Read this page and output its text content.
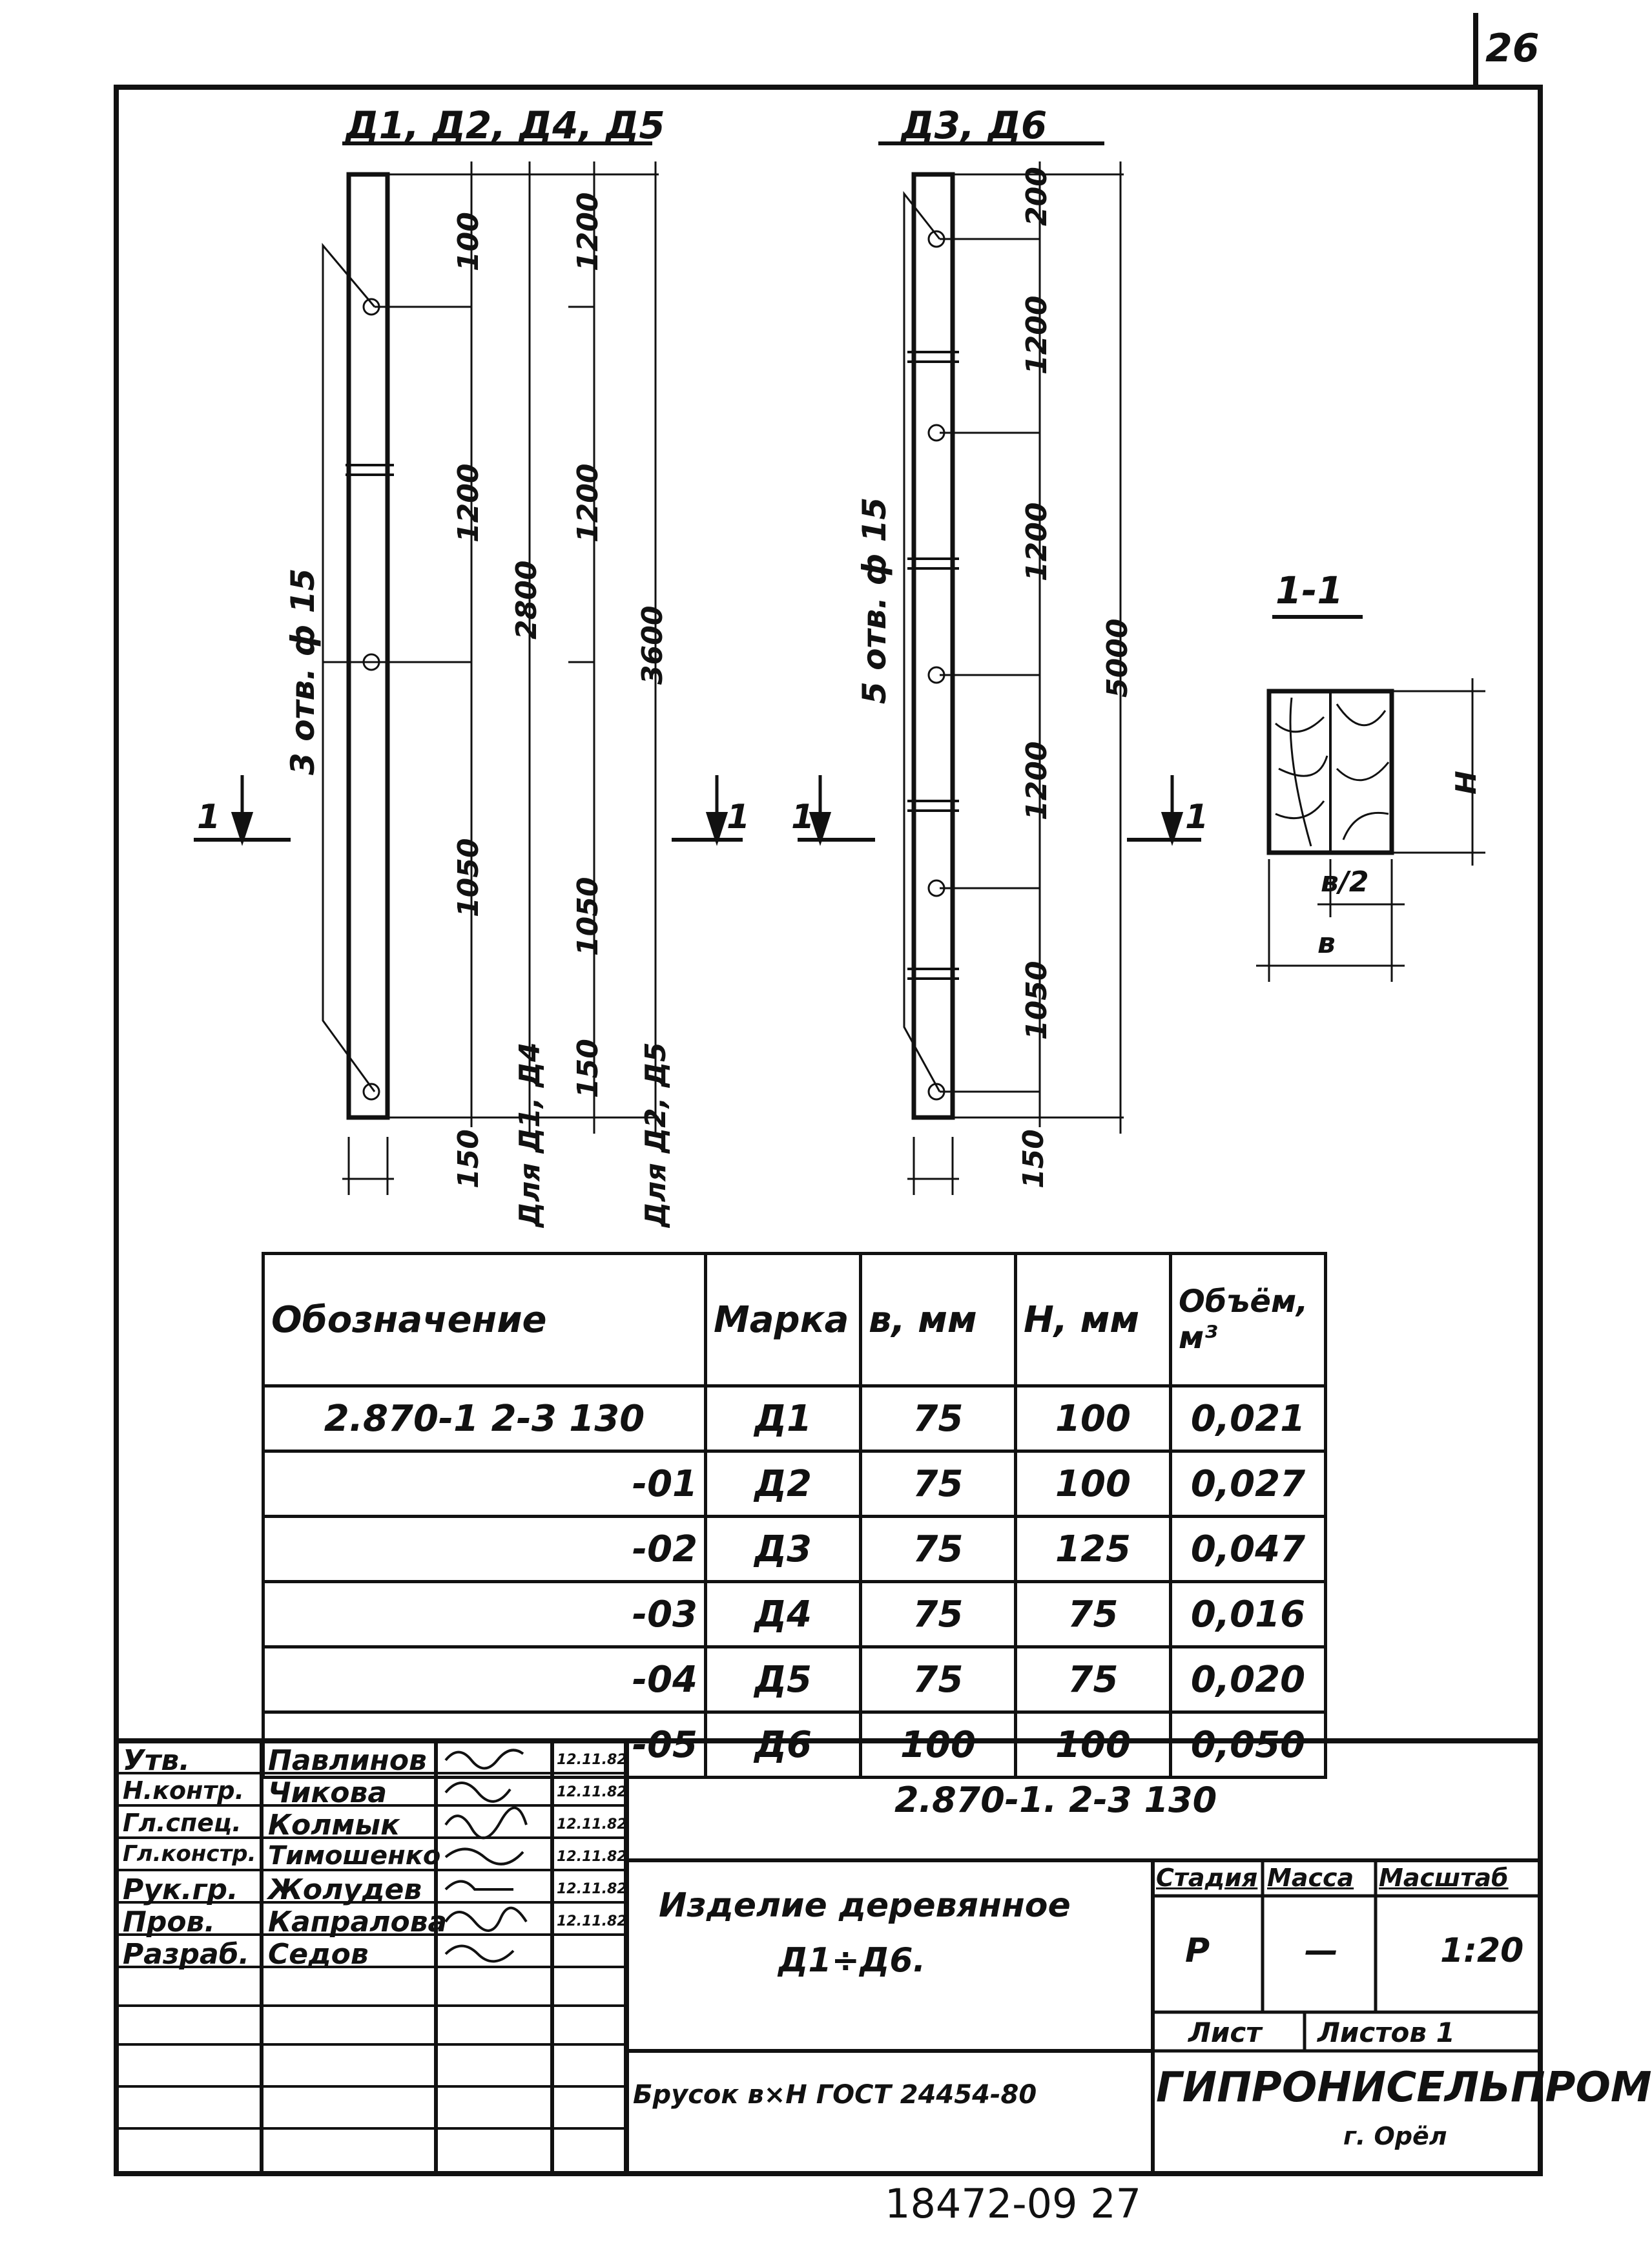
26
Д1, Д2, Д4, Д5	Д3, Д6
100
1200
1050
2800
1050
150
1200
1200
3600
150 Для Д1, Д4	Для Д2, Д5
3 отв. ф 15
200
1200
1200
1200
1050
5000
150
5 отв. ф 15
1	1 1	1
1-1
H
в/2
в
Обозначение	Марка	в, мм	Н, мм	Объём, м³
2.870-1 2-3 130	Д1	75	100	0,021
-01	Д2	75	100	0,027
-02	Д3	75	125	0,047
-03	Д4	75	75	0,016
-04	Д5	75	75	0,020
-05	Д6	100	100	0,050
Утв.	Павлинов	12.11.82
Н.контр. Чикова	12.11.82
Гл.спец. Колмык	12.11.82
Гл.констр. Тимошенко	12.11.82
Рук.гр. Жолудев	12.11.82
Пров. Капралова	12.11.82
Разраб. Седов
2.870-1. 2-3 130
Изделие деревянное
Д1÷Д6.
Брусок в×Н ГОСТ 24454-80
Стадия Масса Масштаб
Р	—	1:20
Лист Листов 1
ГИПРОНИСЕЛЬПРОМ
г. Орёл
18472-09 27
